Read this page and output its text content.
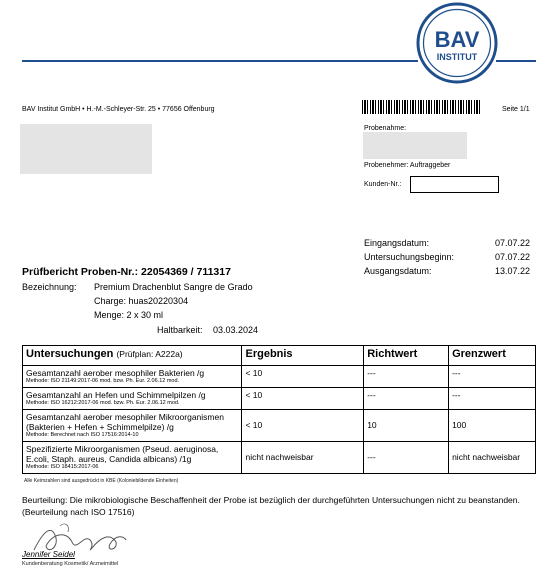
BAV
INSTITUT
BAV Institut GmbH • H.-M.-Schleyer-Str. 25 • 77656 Offenburg	Seite 1/1
Probenahme:
Probenehmer: Auftraggeber
Kunden-Nr.:
Eingangsdatum:	07.07.22
Untersuchungsbeginn:	07.07.22
Ausgangsdatum:	13.07.22
Prüfbericht Proben-Nr.: 22054369 / 711317
Bezeichnung: Premium Drachenblut Sangre de Grado
Charge: huas20220304
Menge: 2 x 30 ml
Haltbarkeit: 03.03.2024
Untersuchungen (Prüfplan: A222a)	Ergebnis	Richtwert	Grenzwert

Gesamtanzahl aerober mesophiler Bakterien /g
Methode: ISO 21149:2017-06 mod. bzw. Ph. Eur. 2.06.12 mod.	< 10	---	---

Gesamtanzahl an Hefen und Schimmelpilzen /g
Methode: ISO 16212:2017-06 mod. bzw. Ph. Eur. 2.06.12 mod.	< 10	---	---

Gesamtanzahl aerober mesophiler Mikroorganismen (Bakterien + Hefen + Schimmelpilze) /g
Methode: Berechnet nach ISO 17516:2014-10	< 10	10	100

Spezifizierte Mikroorganismen (Pseud. aeruginosa, E.coli, Staph. aureus, Candida albicans) /1g
Methode: ISO 18415:2017-06	nicht nachweisbar	---	nicht nachweisbar
Alle Keimzahlen sind ausgedrückt in KBE (Koloniebildende Einheiten)
Beurteilung: Die mikrobiologische Beschaffenheit der Probe ist bezüglich der durchgeführten Untersuchungen nicht zu beanstanden. (Beurteilung nach ISO 17516)
Jennifer Seidel
Kundenberatung Kosmetik/ Arzneimittel
